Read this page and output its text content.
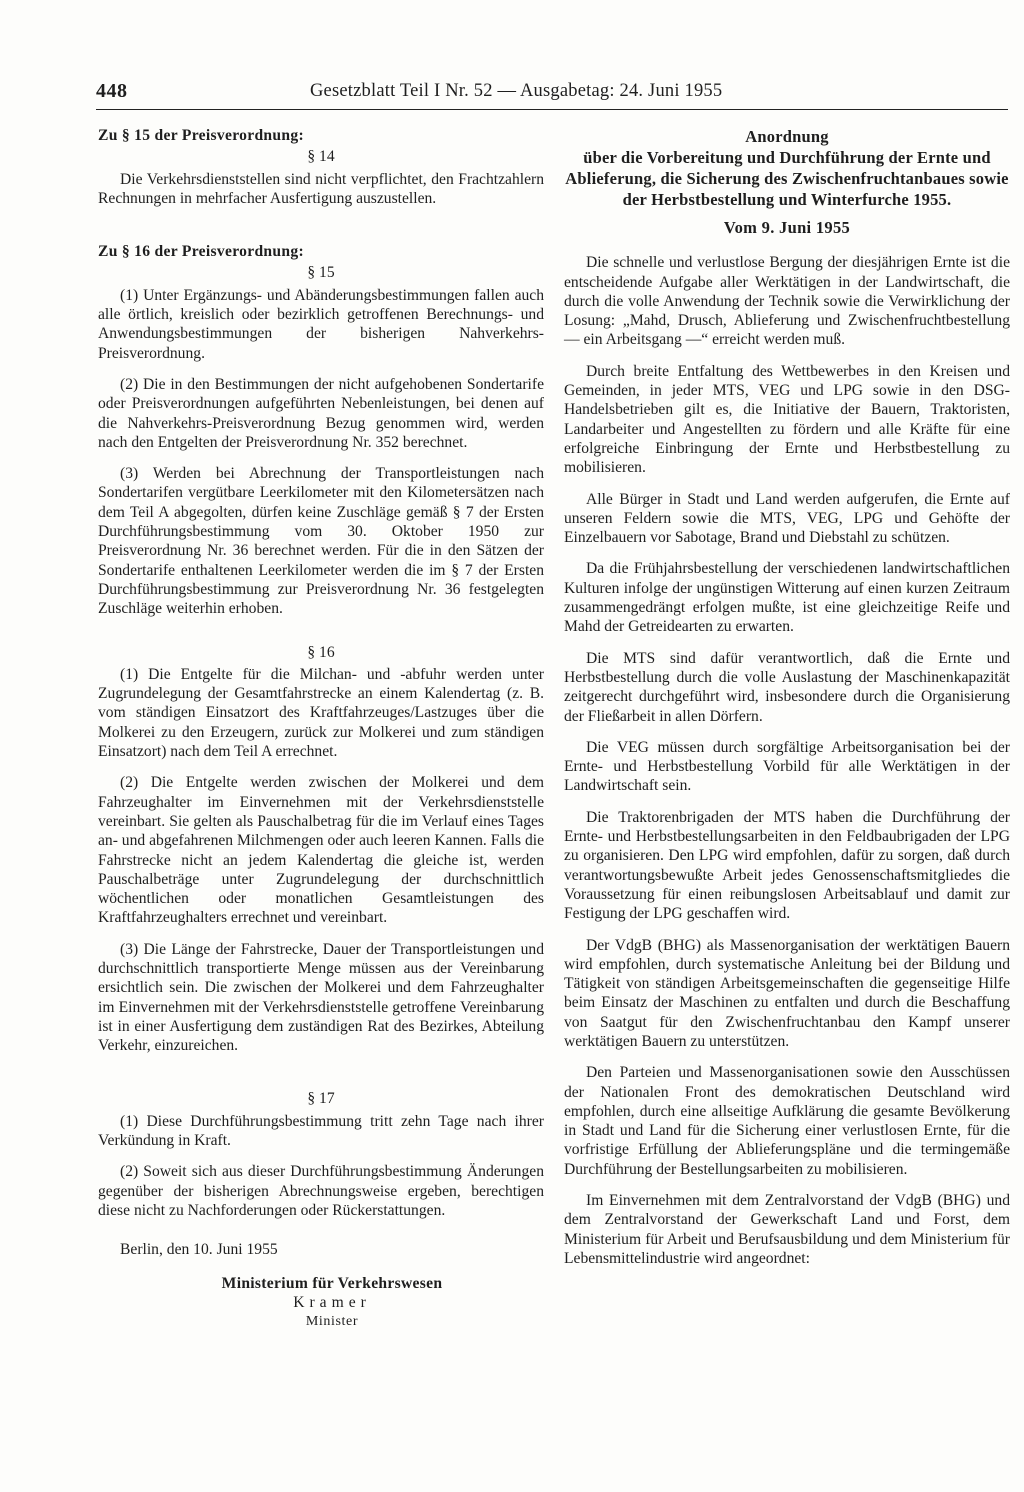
448	Gesetzblatt Teil I Nr. 52 — Ausgabetag: 24. Juni 1955

Zu § 15 der Preisverordnung:

§ 14

Die Verkehrsdienststellen sind nicht verpflichtet, den Frachtzahlern Rechnungen in mehrfacher Ausfertigung auszustellen.

Zu § 16 der Preisverordnung:

§ 15

(1) Unter Ergänzungs- und Abänderungsbestimmungen fallen auch alle örtlich, kreislich oder bezirklich getroffenen Berechnungs- und Anwendungsbestimmungen der bisherigen Nahverkehrs-Preisverordnung.

(2) Die in den Bestimmungen der nicht aufgehobenen Sondertarife oder Preisverordnungen aufgeführten Nebenleistungen, bei denen auf die Nahverkehrs-Preisverordnung Bezug genommen wird, werden nach den Entgelten der Preisverordnung Nr. 352 berechnet.

(3) Werden bei Abrechnung der Transportleistungen nach Sondertarifen vergütbare Leerkilometer mit den Kilometersätzen nach dem Teil A abgegolten, dürfen keine Zuschläge gemäß § 7 der Ersten Durchführungsbestimmung vom 30. Oktober 1950 zur Preisverordnung Nr. 36 berechnet werden. Für die in den Sätzen der Sondertarife enthaltenen Leerkilometer werden die im § 7 der Ersten Durchführungsbestimmung zur Preisverordnung Nr. 36 festgelegten Zuschläge weiterhin erhoben.

§ 16

(1) Die Entgelte für die Milchan- und -abfuhr werden unter Zugrundelegung der Gesamtfahrstrecke an einem Kalendertag (z. B. vom ständigen Einsatzort des Kraftfahrzeuges/Lastzuges über die Molkerei zu den Erzeugern, zurück zur Molkerei und zum ständigen Einsatzort) nach dem Teil A errechnet.

(2) Die Entgelte werden zwischen der Molkerei und dem Fahrzeughalter im Einvernehmen mit der Verkehrsdienststelle vereinbart. Sie gelten als Pauschalbetrag für die im Verlauf eines Tages an- und abgefahrenen Milchmengen oder auch leeren Kannen. Falls die Fahrstrecke nicht an jedem Kalendertag die gleiche ist, werden Pauschalbeträge unter Zugrundelegung der durchschnittlich wöchentlichen oder monatlichen Gesamtleistungen des Kraftfahrzeughalters errechnet und vereinbart.

(3) Die Länge der Fahrstrecke, Dauer der Transportleistungen und durchschnittlich transportierte Menge müssen aus der Vereinbarung ersichtlich sein. Die zwischen der Molkerei und dem Fahrzeughalter im Einvernehmen mit der Verkehrsdienststelle getroffene Vereinbarung ist in einer Ausfertigung dem zuständigen Rat des Bezirkes, Abteilung Verkehr, einzureichen.

§ 17

(1) Diese Durchführungsbestimmung tritt zehn Tage nach ihrer Verkündung in Kraft.

(2) Soweit sich aus dieser Durchführungsbestimmung Änderungen gegenüber der bisherigen Abrechnungsweise ergeben, berechtigen diese nicht zu Nachforderungen oder Rückerstattungen.

Berlin, den 10. Juni 1955

Ministerium für Verkehrswesen

Kramer

Minister

Anordnung
über die Vorbereitung und Durchführung der Ernte und Ablieferung, die Sicherung des Zwischenfruchtanbaues sowie der Herbstbestellung und Winterfurche 1955.
Vom 9. Juni 1955

Die schnelle und verlustlose Bergung der diesjährigen Ernte ist die entscheidende Aufgabe aller Werktätigen in der Landwirtschaft, die durch die volle Anwendung der Technik sowie die Verwirklichung der Losung: „Mahd, Drusch, Ablieferung und Zwischenfruchtbestellung — ein Arbeitsgang —“ erreicht werden muß.

Durch breite Entfaltung des Wettbewerbes in den Kreisen und Gemeinden, in jeder MTS, VEG und LPG sowie in den DSG-Handelsbetrieben gilt es, die Initiative der Bauern, Traktoristen, Landarbeiter und Angestellten zu fördern und alle Kräfte für eine erfolgreiche Einbringung der Ernte und Herbstbestellung zu mobilisieren.

Alle Bürger in Stadt und Land werden aufgerufen, die Ernte auf unseren Feldern sowie die MTS, VEG, LPG und Gehöfte der Einzelbauern vor Sabotage, Brand und Diebstahl zu schützen.

Da die Frühjahrsbestellung der verschiedenen landwirtschaftlichen Kulturen infolge der ungünstigen Witterung auf einen kurzen Zeitraum zusammengedrängt erfolgen mußte, ist eine gleichzeitige Reife und Mahd der Getreidearten zu erwarten.

Die MTS sind dafür verantwortlich, daß die Ernte und Herbstbestellung durch die volle Auslastung der Maschinenkapazität zeitgerecht durchgeführt wird, insbesondere durch die Organisierung der Fließarbeit in allen Dörfern.

Die VEG müssen durch sorgfältige Arbeitsorganisation bei der Ernte- und Herbstbestellung Vorbild für alle Werktätigen in der Landwirtschaft sein.

Die Traktorenbrigaden der MTS haben die Durchführung der Ernte- und Herbstbestellungsarbeiten in den Feldbaubrigaden der LPG zu organisieren. Den LPG wird empfohlen, dafür zu sorgen, daß durch verantwortungsbewußte Arbeit jedes Genossenschaftsmitgliedes die Voraussetzung für einen reibungslosen Arbeitsablauf und damit zur Festigung der LPG geschaffen wird.

Der VdgB (BHG) als Massenorganisation der werktätigen Bauern wird empfohlen, durch systematische Anleitung bei der Bildung und Tätigkeit von ständigen Arbeitsgemeinschaften die gegenseitige Hilfe beim Einsatz der Maschinen zu entfalten und durch die Beschaffung von Saatgut für den Zwischenfruchtanbau den Kampf unserer werktätigen Bauern zu unterstützen.

Den Parteien und Massenorganisationen sowie den Ausschüssen der Nationalen Front des demokratischen Deutschland wird empfohlen, durch eine allseitige Aufklärung die gesamte Bevölkerung in Stadt und Land für die Sicherung einer verlustlosen Ernte, für die vorfristige Erfüllung der Ablieferungspläne und die termingemäße Durchführung der Bestellungsarbeiten zu mobilisieren.

Im Einvernehmen mit dem Zentralvorstand der VdgB (BHG) und dem Zentralvorstand der Gewerkschaft Land und Forst, dem Ministerium für Arbeit und Berufsausbildung und dem Ministerium für Lebensmittelindustrie wird angeordnet:
